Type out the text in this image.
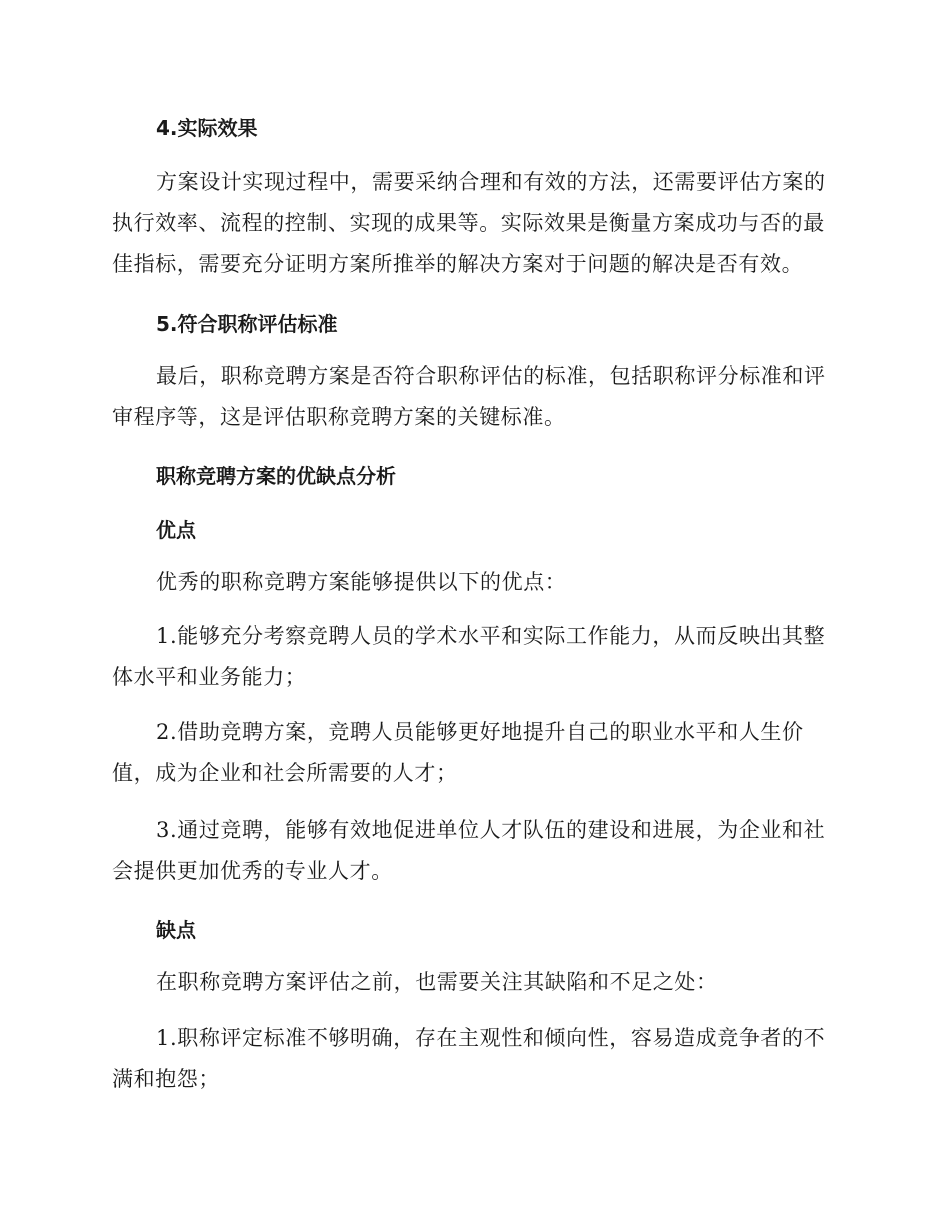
4.实际效果

方案设计实现过程中，需要采纳合理和有效的方法，还需要评估方案的执行效率、流程的控制、实现的成果等。实际效果是衡量方案成功与否的最佳指标，需要充分证明方案所推举的解决方案对于问题的解决是否有效。

5.符合职称评估标准

最后，职称竞聘方案是否符合职称评估的标准，包括职称评分标准和评审程序等，这是评估职称竞聘方案的关键标准。

职称竞聘方案的优缺点分析
优点

优秀的职称竞聘方案能够提供以下的优点：

1.能够充分考察竞聘人员的学术水平和实际工作能力，从而反映出其整体水平和业务能力；

2.借助竞聘方案，竞聘人员能够更好地提升自己的职业水平和人生价值，成为企业和社会所需要的人才；

3.通过竞聘，能够有效地促进单位人才队伍的建设和进展，为企业和社会提供更加优秀的专业人才。

缺点

在职称竞聘方案评估之前，也需要关注其缺陷和不足之处：

1.职称评定标准不够明确，存在主观性和倾向性，容易造成竞争者的不满和抱怨；
